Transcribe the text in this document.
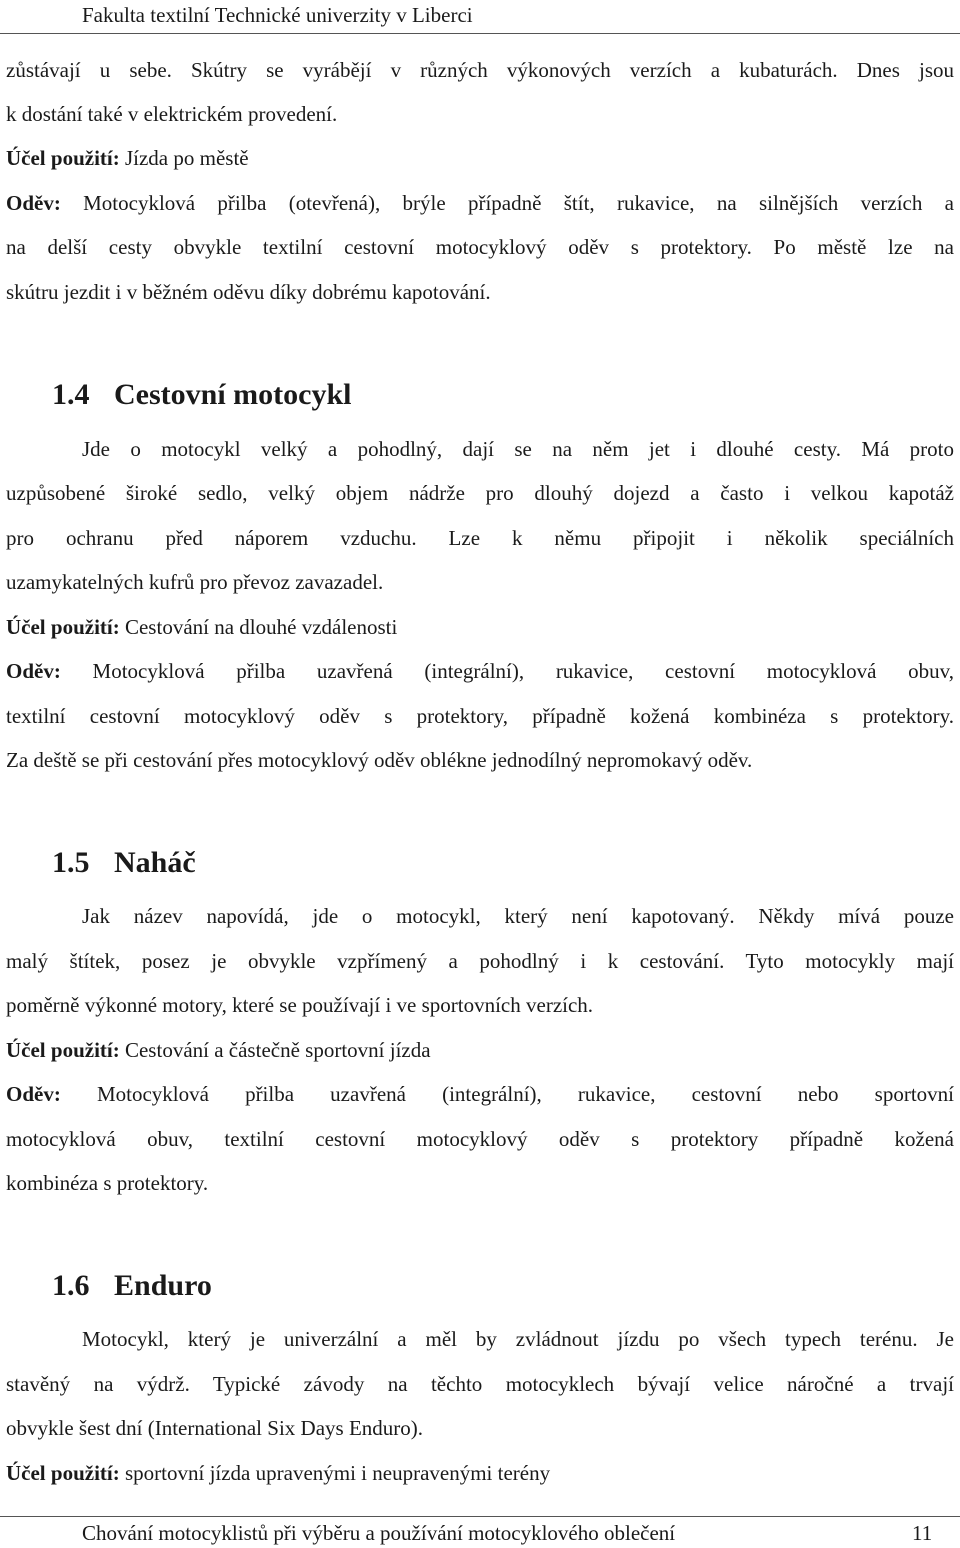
Fakulta textilní Technické univerzity v Liberci
zůstávají u sebe. Skútry se vyrábějí v různých výkonových verzích a kubaturách. Dnes jsou
k dostání také v elektrickém provedení.
Účel použití: Jízda po městě
Oděv: Motocyklová přilba (otevřená), brýle případně štít, rukavice, na silnějších verzích a
na delší cesty obvykle textilní cestovní motocyklový oděv s protektory. Po městě lze na
skútru jezdit i v běžném oděvu díky dobrému kapotování.
1.4 Cestovní motocykl
Jde o motocykl velký a pohodlný, dají se na něm jet i dlouhé cesty. Má proto
uzpůsobené široké sedlo, velký objem nádrže pro dlouhý dojezd a často i velkou kapotáž
pro ochranu před náporem vzduchu. Lze k němu připojit i několik speciálních
uzamykatelných kufrů pro převoz zavazadel.
Účel použití: Cestování na dlouhé vzdálenosti
Oděv: Motocyklová přilba uzavřená (integrální), rukavice, cestovní motocyklová obuv,
textilní cestovní motocyklový oděv s protektory, případně kožená kombinéza s protektory.
Za deště se při cestování přes motocyklový oděv oblékne jednodílný nepromokavý oděv.
1.5 Naháč
Jak název napovídá, jde o motocykl, který není kapotovaný. Někdy mívá pouze
malý štítek, posez je obvykle vzpřímený a pohodlný i k cestování. Tyto motocykly mají
poměrně výkonné motory, které se používají i ve sportovních verzích.
Účel použití: Cestování a částečně sportovní jízda
Oděv: Motocyklová přilba uzavřená (integrální), rukavice, cestovní nebo sportovní
motocyklová obuv, textilní cestovní motocyklový oděv s protektory případně kožená
kombinéza s protektory.
1.6 Enduro
Motocykl, který je univerzální a měl by zvládnout jízdu po všech typech terénu. Je
stavěný na výdrž. Typické závody na těchto motocyklech bývají velice náročné a trvají
obvykle šest dní (International Six Days Enduro).
Účel použití: sportovní jízda upravenými i neupravenými terény
Chování motocyklistů při výběru a používání motocyklového oblečení	11
